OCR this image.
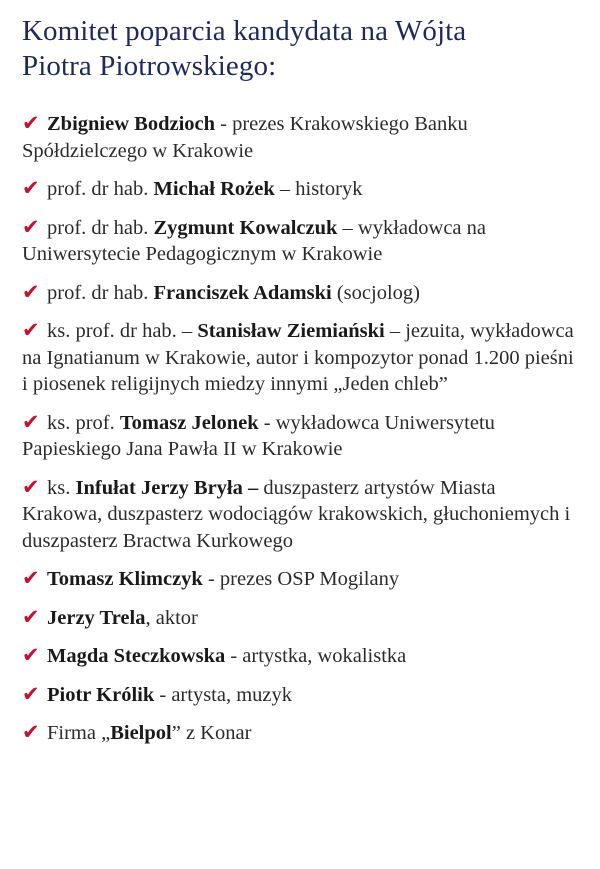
Komitet poparcia kandydata na Wójta
Piotra Piotrowskiego:
✔ Zbigniew Bodzioch - prezes Krakowskiego Banku Spółdzielczego w Krakowie
✔ prof. dr hab. Michał Rożek – historyk
✔ prof. dr hab. Zygmunt Kowalczuk – wykładowca na Uniwersytecie Pedagogicznym w Krakowie
✔ prof. dr hab. Franciszek Adamski (socjolog)
✔ ks. prof. dr hab. – Stanisław Ziemiański – jezuita, wykładowca na Ignatianum w Krakowie, autor i kompozytor ponad 1.200 pieśni i piosenek religijnych miedzy innymi „Jeden chleb”
✔ ks. prof. Tomasz Jelonek - wykładowca Uniwersytetu Papieskiego Jana Pawła II w Krakowie
✔ ks. Infułat Jerzy Bryła – duszpasterz artystów Miasta Krakowa, duszpasterz wodociągów krakowskich, głuchoniemych i duszpasterz Bractwa Kurkowego
✔ Tomasz Klimczyk - prezes OSP Mogilany
✔ Jerzy Trela, aktor
✔ Magda Steczkowska - artystka, wokalistka
✔ Piotr Królik - artysta, muzyk
✔ Firma „Bielpol” z Konar
